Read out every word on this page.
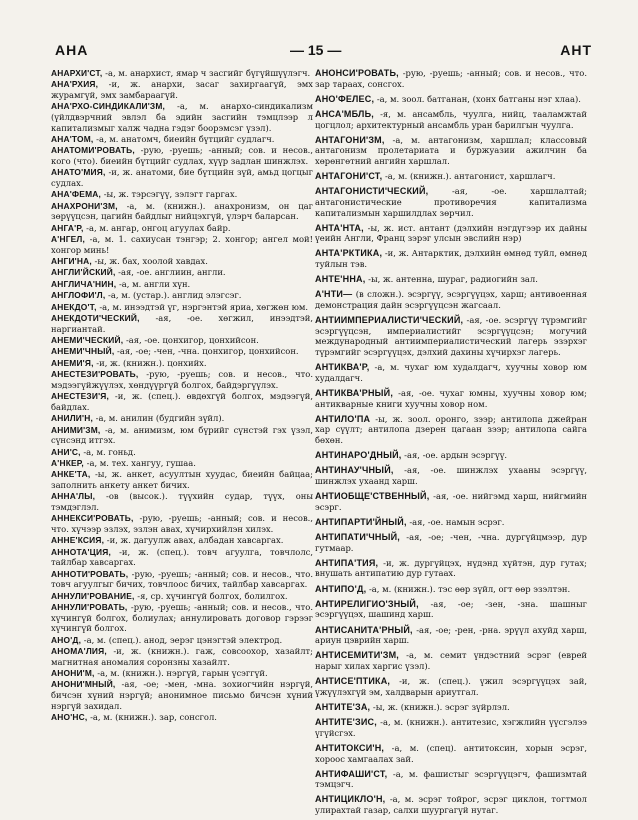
АНА	— 15 —	АНТ

АНАРХИ'СТ, -а, м. анархист, ямар ч засгийг бүгүйшүүлэгч.

АНА'РХИЯ, -и, ж. анархи, засаг захиргаагүй, эмх журамгүй, эмх замбараагүй.

АНА'РХО-СИНДИКАЛИ'ЗМ, -а, м. анархо-синдикализм (үйлдвэрчний эвлэл ба эдийн засгийн тэмцлээр л капитализмыг халж чадна гэдэг боорэмсэг үзэл).

АНА'ТОМ, -а, м. анатомч, биеийн бүтцийг судлагч.

АНАТОМИ'РОВАТЬ, -рую, -руешь; -анный; сов. и несов., кого (что). биеийн бүтцийг судлах, хүүр задлан шинжлэх.

АНАТО'МИЯ, -и, ж. анатоми, бие бүтцийн зүй, амьд цогцыг судлах.

АНА'ФЕМА, -ы, ж. тэрсэгүү, зэлэгт гаргах.

АНАХРОНИ'ЗМ, -а, м. (книжн.). анахронизм, он цаг зөрүүцсэн, цагийн байдлыг нийцэхгүй, үлэрч баларсан.

АНГА'Р, -а, м. ангар, онгоц агуулах байр.

А'НГЕЛ, -а, м. 1. сахиусан тэнгэр; 2. хонгор; ангел мой! хонгор минь!

АНГИ'НА, -ы, ж. бах, хоолой хавдах.

АНГЛИ'ЙСКИЙ, -ая, -ое. англиин, англи.

АНГЛИЧА'НИН, -а, м. англи хүн.

АНГЛОФИ'Л, -а, м. (устар.). англид элэгсэг.

АНЕКДО'Т, -а, м. инээдтэй үг, нэргэнтэй яриа, хөгжөн юм.

АНЕКДОТИ'ЧЕСКИЙ, -ая, -ое. хөгжил, инээдтэй, наргиантай.

АНЕМИ'ЧЕСКИЙ, -ая, -ое. цонхигор, цонхийсон.

АНЕМИ'ЧНЫЙ, -ая, -ое; -чен, -чна. цонхигор, цонхийсон.

АНЕМИ'Я, -и, ж. (книжн.). цонхийх.

АНЕСТЕЗИ'РОВАТЬ, -рую, -руешь; сов. и несов., что. мэдээгүйжүүлэх, хөндүүргүй болгох, байдэргүүлэх.

АНЕСТЕЗИ'Я, -и, ж. (спец.). өвдөхгүй болгох, мэдээгүй, байдлах.

АНИЛИ'Н, -а, м. анилин (будгийн зүйл).

АНИМИ'ЗМ, -а, м. анимизм, юм бүрийг сүнстэй гэх үзэл, сүнсэнд итгэх.

АНИ'С, -а, м. гоньд.

А'НКЕР, -а, м. тех. хангуу, гушаа.

АНКЕ'ТА, -ы, ж. анкет, асуултын хуудас, биеийн байцаа; заполнить анкету анкет бичих.

АННА'ЛЫ, -ов (высок.). түүхийн судар, түүх, оны тэмдэглэл.

АННЕКСИ'РОВАТЬ, -рую, -руешь; -анный; сов. и несов., что. хүчээр эзлэх, эзлэн авах, хүчирхийлэн хилэх.

АННЕ'КСИЯ, -и, ж. дагуулж авах, албадан хавсаргах.

АННОТА'ЦИЯ, -и, ж. (спец.). товч агуулга, товчлолс, тайлбар хавсаргах.

АННОТИ'РОВАТЬ, -рую, -руешь; -анный; сов. и несов., что. товч агуулгыг бичих, товчлоос бичих, тайлбар хавсаргах.

АННУЛИ'РОВАНИЕ, -я, ср. хүчингүй болгох, болилгох.

АННУЛИ'РОВАТЬ, -рую, -руешь; -анный; сов. и несов., что. хүчингүй болгох, болиулах; аннулировать договор гэрээг хүчингүй болгох.

АНО'Д, -а, м. (спец.). анод, эерэг цэнэгтэй электрод.

АНОМА'ЛИЯ, -и, ж. (книжн.). гаж, совсоохор, хазайлт; магнитная аномалия соронзны хазайлт.

АНОНИ'М, -а, м. (книжн.). нэргүй, гарын үсэггүй.

АНОНИ'МНЫЙ, -ая, -ое; -мен, -мна. зохиогчийн нэргүй, бичсэн хүний нэргүй; анонимное письмо бичсэн хүний нэргүй захидал.

АНО'НС, -а, м. (книжн.). зар, сонсгол.

АНОНСИ'РОВАТЬ, -рую, -руешь; -анный; сов. и несов., что. зар тараах, сонсгох.

АНО'ФЕЛЕС, -а, м. зоол. батганан, (хонх батганы нэг хлаа).

АНСА'МБЛЬ, -я, м. ансамбль, чуулга, нийц, тааламжтай цогцлол; архитектурный ансамбль уран барилгын чуулга.

АНТАГОНИ'ЗМ, -а, м. антагонизм, харшлал; классовый антагонизм пролетариата и буржуазии ажилчин ба хөрөнгөтний ангийн харшлал.

АНТАГОНИ'СТ, -а, м. (книжн.). антагонист, харшлагч.

АНТАГОНИСТИ'ЧЕСКИЙ, -ая, -ое. харшлалтай; антагонистические противоречия капитализма капитализмын харшилдлах зөрчил.

АНТА'НТА, -ы, ж. ист. антант (дэлхийн нэгдүгээр их дайны үеийн Англи, Франц зэрэг улсын эвслийн нэр)

АНТА'РКТИКА, -и, ж. Антарктик, дэлхийн өмнөд туйл, өмнөд туйлын тэв.

АНТЕ'ННА, -ы, ж. антенна, шураг, радиогийн зал.

А'НТИ— (в сложн.). эсэргүү, эсэргүүцэх, харш; антивоенная демонстрация дайн эсэргүүцсэн жагсаал.

АНТИИМПЕРИАЛИСТИ'ЧЕСКИЙ, -ая, -ое. эсэргүү түрэмгийг эсэргүүцсэн, империалистийг эсэргүүцсэн; могучий международный антиимпериалистический лагерь эзэрхэг түрэмгийг эсэргүүцэх, дэлхий дахины хүчирхэг лагерь.

АНТИКВА'Р, -а, м. чухаг юм худалдагч, хуучны ховор юм худалдагч.

АНТИКВА'РНЫЙ, -ая, -ое. чухаг юмны, хуучны ховор юм; антикварные книги хуучны ховор ном.

АНТИЛО'ПА -ы, ж. зоол. оронго, зээр; антилопа джейран хар сүүлт; антилопа дзерен цагаан зээр; антилопа сайга бөхөн.

АНТИНАРО'ДНЫЙ, -ая, -ое. ардын эсэргүү.

АНТИНАУ'ЧНЫЙ, -ая, -ое. шинжлэх ухааны эсэргүү, шинжлэх ухаанд харш.

АНТИОБЩЕ'СТВЕННЫЙ, -ая, -ое. нийгэмд харш, нийгмийн эсэрг.

АНТИПАРТИ'ЙНЫЙ, -ая, -ое. намын эсрэг.

АНТИПАТИ'ЧНЫЙ, -ая, -ое; -чен, -чна. дургүйцмээр, дур гутмаар.

АНТИПА'ТИЯ, -и, ж. дургүйцэх, нүдэнд хүйтэн, дур гутах; внушать антипатию дур гутаах.

АНТИПО'Д, -а, м. (книжн.). тэс өөр зүйл, огт өөр эзэлтэн.

АНТИРЕЛИГИО'ЗНЫЙ, -ая, -ое; -зен, -зна. шашныг эсэргүүцэх, шашинд харш.

АНТИСАНИТА'РНЫЙ, -ая, -ое; -рен, -рна. эрүүл ахуйд харш, ариун цэврийн харш.

АНТИСЕМИТИ'ЗМ, -а, м. семит үндэстний эсрэг (еврей нарыг хилах харгис үзэл).

АНТИСЕ'ПТИКА, -и, ж. (спец.). үжил эсэргүүцэх зай, үжүүлэхгүй эм, халдварын ариутгал.

АНТИТЕ'ЗА, -ы, ж. (книжн.). эсрэг зүйрлэл.

АНТИТЕ'ЗИС, -а, м. (книжн.). антитезис, хэгжлийн үүсгэлээ үгүйсгэх.

АНТИТОКСИ'Н, -а, м. (спец). антитоксин, хорын эсрэг, хороос хамгаалах зай.

АНТИФАШИ'СТ, -а, м. фашистыг эсэргүүцэгч, фашизмтай тэмцэгч.

АНТИЦИКЛО'Н, -а, м. эсрэг тойрог, эсрэг циклон, тогтмол улирахтай газар, салхи шуургагүй нутаг.
